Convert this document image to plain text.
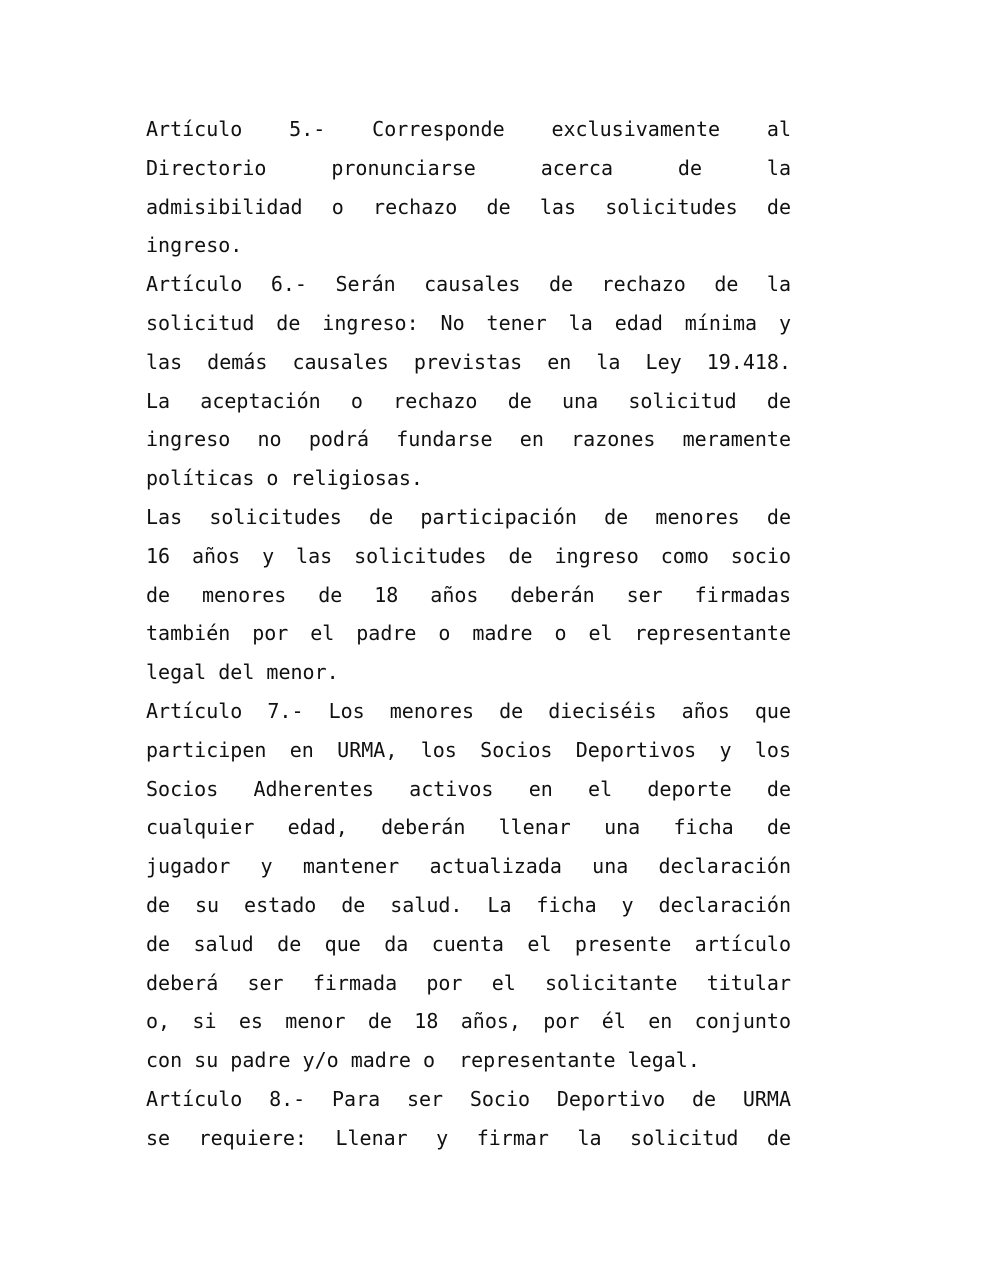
Artículo 5.- Corresponde exclusivamente al
Directorio pronunciarse acerca de la
admisibilidad o rechazo de las solicitudes de
ingreso.
Artículo 6.- Serán causales de rechazo de la
solicitud de ingreso: No tener la edad mínima y
las demás causales previstas en la Ley 19.418.
La aceptación o rechazo de una solicitud de
ingreso no podrá fundarse en razones meramente
políticas o religiosas.
Las solicitudes de participación de menores de
16 años y las solicitudes de ingreso como socio
de menores de 18 años deberán ser firmadas
también por el padre o madre o el representante
legal del menor.
Artículo 7.- Los menores de dieciséis años que
participen en URMA, los Socios Deportivos y los
Socios Adherentes activos en el deporte de
cualquier edad, deberán llenar una ficha de
jugador y mantener actualizada una declaración
de su estado de salud. La ficha y declaración
de salud de que da cuenta el presente artículo
deberá ser firmada por el solicitante titular
o, si es menor de 18 años, por él en conjunto
con su padre y/o madre o  representante legal.
Artículo 8.- Para ser Socio Deportivo de URMA
se requiere: Llenar y firmar la solicitud de
